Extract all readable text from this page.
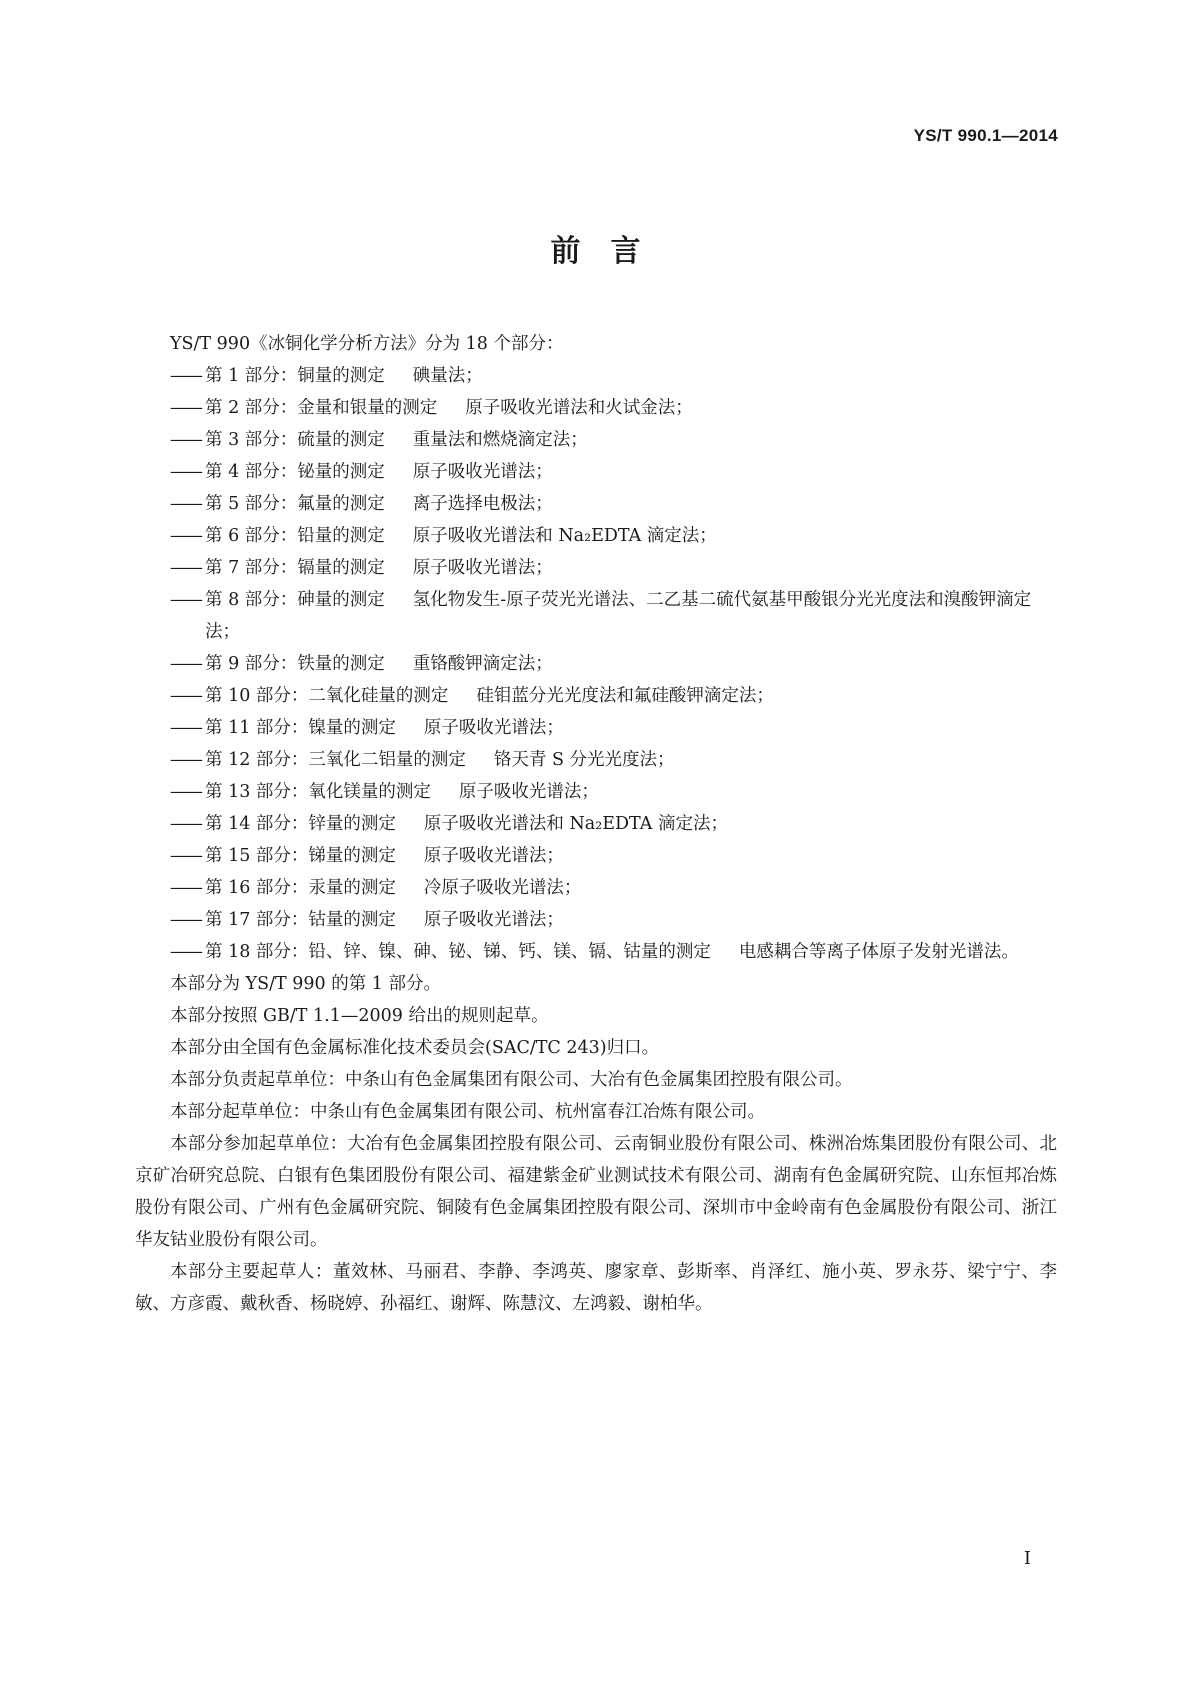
YS/T 990.1—2014
前　言

YS/T 990《冰铜化学分析方法》分为 18 个部分：

—— 第 1 部分：铜量的测定 碘量法；
—— 第 2 部分：金量和银量的测定 原子吸收光谱法和火试金法；
—— 第 3 部分：硫量的测定 重量法和燃烧滴定法；
—— 第 4 部分：铋量的测定 原子吸收光谱法；
—— 第 5 部分：氟量的测定 离子选择电极法；
—— 第 6 部分：铅量的测定 原子吸收光谱法和 Na₂EDTA 滴定法；
—— 第 7 部分：镉量的测定 原子吸收光谱法；
—— 第 8 部分：砷量的测定 氢化物发生-原子荧光光谱法、二乙基二硫代氨基甲酸银分光光度法和溴酸钾滴定法；
—— 第 9 部分：铁量的测定 重铬酸钾滴定法；
—— 第 10 部分：二氧化硅量的测定 硅钼蓝分光光度法和氟硅酸钾滴定法；
—— 第 11 部分：镍量的测定 原子吸收光谱法；
—— 第 12 部分：三氧化二铝量的测定 铬天青 S 分光光度法；
—— 第 13 部分：氧化镁量的测定 原子吸收光谱法；
—— 第 14 部分：锌量的测定 原子吸收光谱法和 Na₂EDTA 滴定法；
—— 第 15 部分：锑量的测定 原子吸收光谱法；
—— 第 16 部分：汞量的测定 冷原子吸收光谱法；
—— 第 17 部分：钴量的测定 原子吸收光谱法；
—— 第 18 部分：铅、锌、镍、砷、铋、锑、钙、镁、镉、钴量的测定 电感耦合等离子体原子发射光谱法。

本部分为 YS/T 990 的第 1 部分。

本部分按照 GB/T 1.1—2009 给出的规则起草。

本部分由全国有色金属标准化技术委员会(SAC/TC 243)归口。

本部分负责起草单位：中条山有色金属集团有限公司、大冶有色金属集团控股有限公司。

本部分起草单位：中条山有色金属集团有限公司、杭州富春江冶炼有限公司。

本部分参加起草单位：大冶有色金属集团控股有限公司、云南铜业股份有限公司、株洲冶炼集团股份有限公司、北京矿冶研究总院、白银有色集团股份有限公司、福建紫金矿业测试技术有限公司、湖南有色金属研究院、山东恒邦冶炼股份有限公司、广州有色金属研究院、铜陵有色金属集团控股有限公司、深圳市中金岭南有色金属股份有限公司、浙江华友钴业股份有限公司。

本部分主要起草人：董效林、马丽君、李静、李鸿英、廖家章、彭斯率、肖泽红、施小英、罗永芬、梁宁宁、李敏、方彦霞、戴秋香、杨晓婷、孙福红、谢辉、陈慧汶、左鸿毅、谢柏华。

I
